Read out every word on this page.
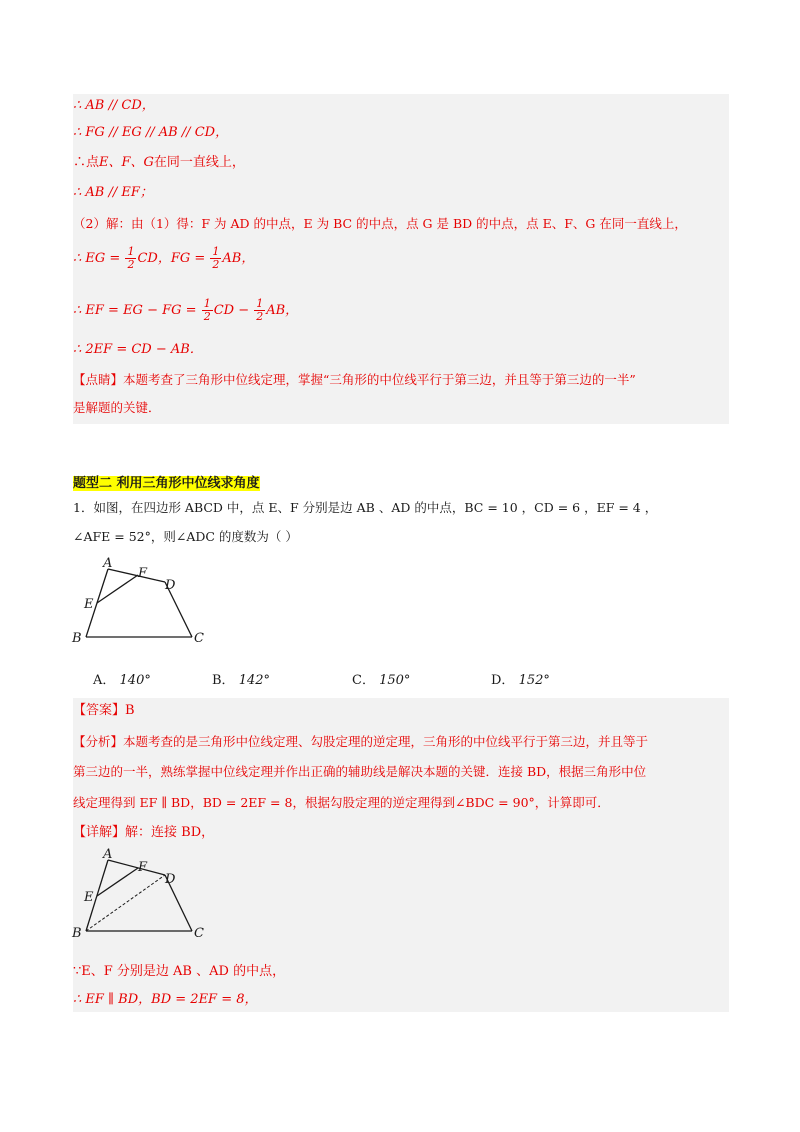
∴ AB // CD，
∴ FG // EG // AB // CD，
∴点E、F、G在同一直线上，
∴ AB // EF；
（2）解：由（1）得：F 为 AD 的中点，E 为 BC 的中点，点 G 是 BD 的中点，点 E、F、G 在同一直线上，
∴ EG = $\frac{1}{2}$ CD，FG = $\frac{1}{2}$ AB，
∴ EF = EG − FG = $\frac{1}{2}$ CD − $\frac{1}{2}$ AB，
∴ 2EF = CD − AB．
【点睛】本题考查了三角形中位线定理，掌握“三角形的中位线平行于第三边，并且等于第三边的一半”
是解题的关键．
题型二 利用三角形中位线求角度
1．如图，在四边形 ABCD 中，点 E、F 分别是边 AB 、AD 的中点，BC = 10 ，CD = 6 ，EF = 4 ，
∠AFE = 52°，则∠ADC 的度数为（ ）
A
F
D
E
B	C
A． 140°	B． 142°	C． 150°	D． 152°
【答案】B
【分析】本题考查的是三角形中位线定理、勾股定理的逆定理，三角形的中位线平行于第三边，并且等于
第三边的一半，熟练掌握中位线定理并作出正确的辅助线是解决本题的关键．连接 BD，根据三角形中位
线定理得到 EF ∥ BD，BD = 2EF = 8，根据勾股定理的逆定理得到∠BDC = 90°，计算即可．
【详解】解：连接 BD，
A
F
D
E
B	C
∵E、F 分别是边 AB 、AD 的中点，
∴ EF ∥ BD，BD = 2EF = 8，
